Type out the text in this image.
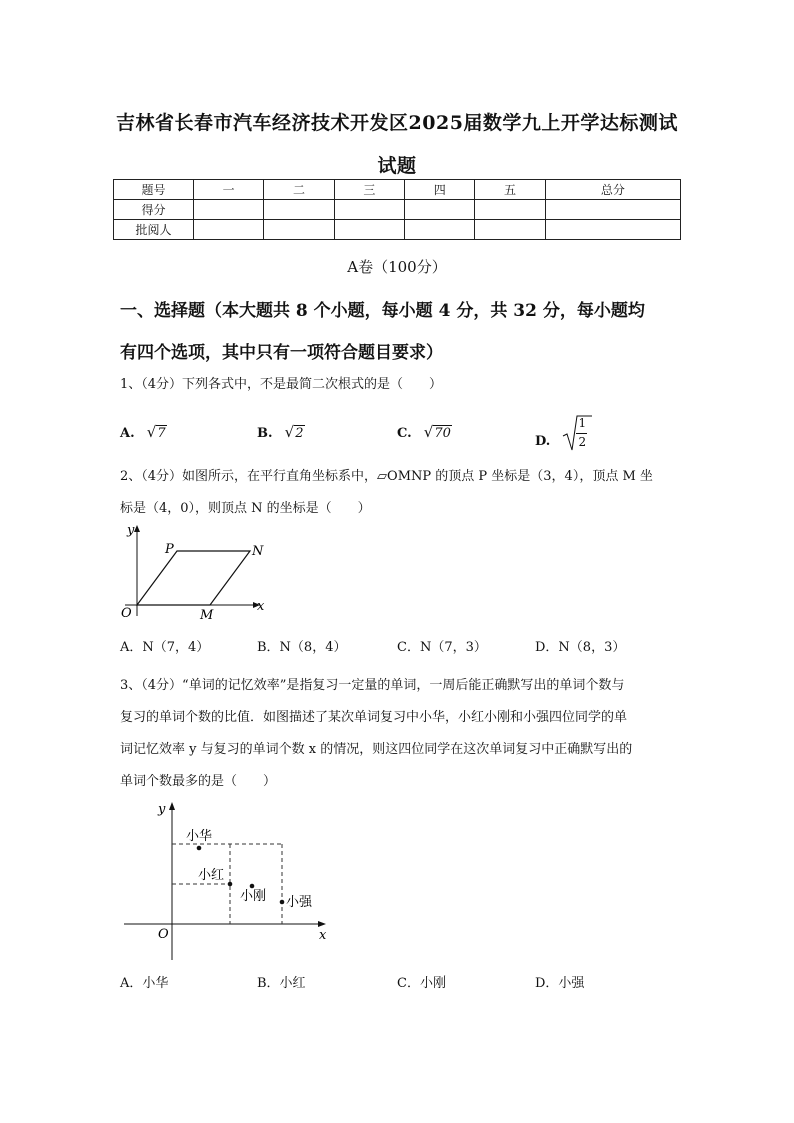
吉林省长春市汽车经济技术开发区2025届数学九上开学达标测试
试题
题号	一	二	三	四	五	总分
得分						
批阅人						
A卷（100分）
一、选择题（本大题共 8 个小题，每小题 4 分，共 32 分，每小题均
有四个选项，其中只有一项符合题目要求）
1、（4分）下列各式中，不是最简二次根式的是（　　）
A. √7	B. √2	C. √70	D. $\frac{1}{2}$
2、（4分）如图所示，在平行直角坐标系中，▱OMNP 的顶点 P 坐标是（3，4），顶点 M 坐
标是（4，0），则顶点 N 的坐标是（　　）
y
x
O
P	N
M
A．N（7，4）	B．N（8，4）	C．N（7，3）	D．N（8，3）
3、（4分）“单词的记忆效率”是指复习一定量的单词，一周后能正确默写出的单词个数与
复习的单词个数的比值．如图描述了某次单词复习中小华，小红小刚和小强四位同学的单
词记忆效率 y 与复习的单词个数 x 的情况，则这四位同学在这次单词复习中正确默写出的
单词个数最多的是（　　）
y
x
O
小华
小红
小刚 小强
A．小华	B．小红	C．小刚	D．小强
